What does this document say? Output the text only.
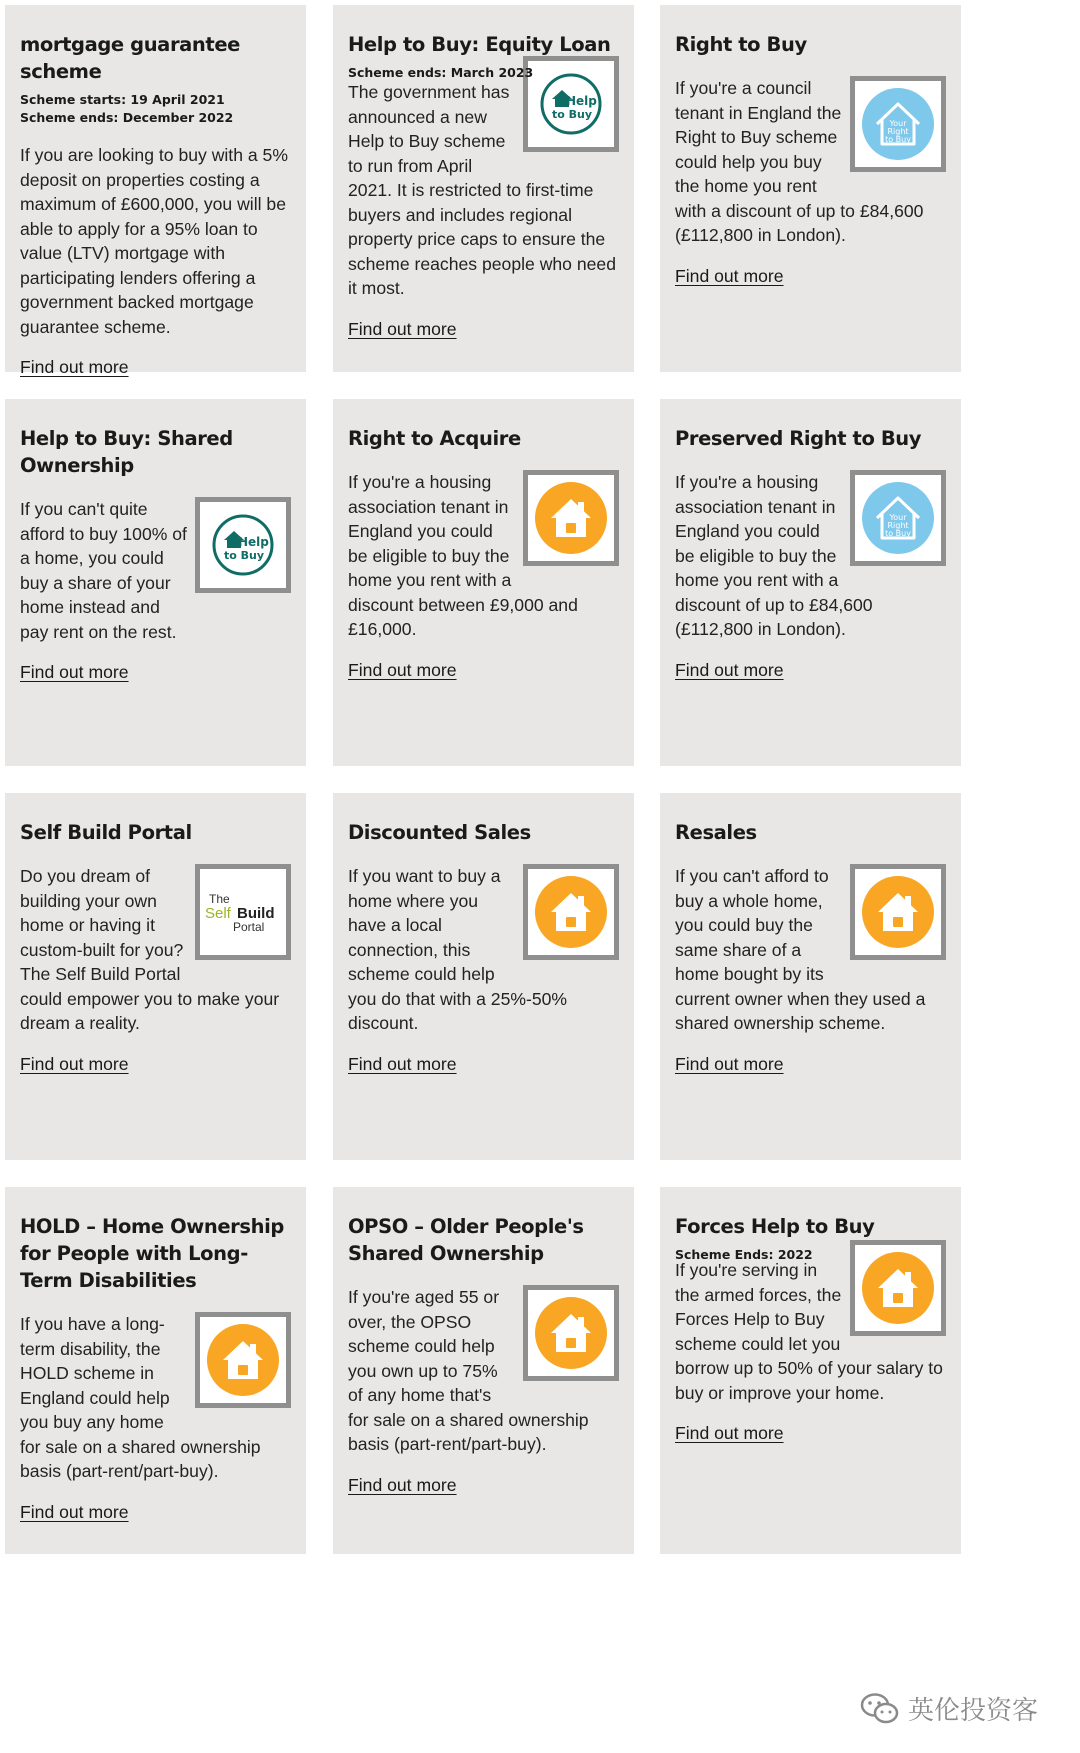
mortgage guarantee scheme
Scheme starts: 19 April 2021
Scheme ends: December 2022
If you are looking to buy with a 5% deposit on properties costing a maximum of £600,000, you will be able to apply for a 95% loan to value (LTV) mortgage with participating lenders offering a government backed mortgage guarantee scheme.
Find out more
Help to Buy: Equity Loan
Scheme ends: March 2023
Help
to Buy
The government has announced a new Help to Buy scheme to run from April 2021. It is restricted to first-time buyers and includes regional property price caps to ensure the scheme reaches people who need it most.
Find out more
Right to Buy
Your
Right
to Buy
If you're a council tenant in England the Right to Buy scheme could help you buy the home you rent with a discount of up to £84,600 (£112,800 in London).
Find out more
Help to Buy: Shared Ownership
Help
to Buy
If you can't quite afford to buy 100% of a home, you could buy a share of your home instead and pay rent on the rest.
Find out more
Right to Acquire
If you're a housing association tenant in England you could be eligible to buy the home you rent with a discount between £9,000 and £16,000.
Find out more
Preserved Right to Buy
Your
Right
to Buy
If you're a housing association tenant in England you could be eligible to buy the home you rent with a discount of up to £84,600 (£112,800 in London).
Find out more
Self Build Portal
The
Self Build
Portal
Do you dream of building your own home or having it custom-built for you? The Self Build Portal could empower you to make your dream a reality.
Find out more
Discounted Sales
If you want to buy a home where you have a local connection, this scheme could help you do that with a 25%-50% discount.
Find out more
Resales
If you can't afford to buy a whole home, you could buy the same share of a home bought by its current owner when they used a shared ownership scheme.
Find out more
HOLD – Home Ownership for People with Long-Term Disabilities
If you have a long-term disability, the HOLD scheme in England could help you buy any home for sale on a shared ownership basis (part-rent/part-buy).
Find out more
OPSO – Older People's Shared Ownership
If you're aged 55 or over, the OPSO scheme could help you own up to 75% of any home that's for sale on a shared ownership basis (part-rent/part-buy).
Find out more
Forces Help to Buy
Scheme Ends: 2022
If you're serving in the armed forces, the Forces Help to Buy scheme could let you borrow up to 50% of your salary to buy or improve your home.
Find out more
英伦投资客
